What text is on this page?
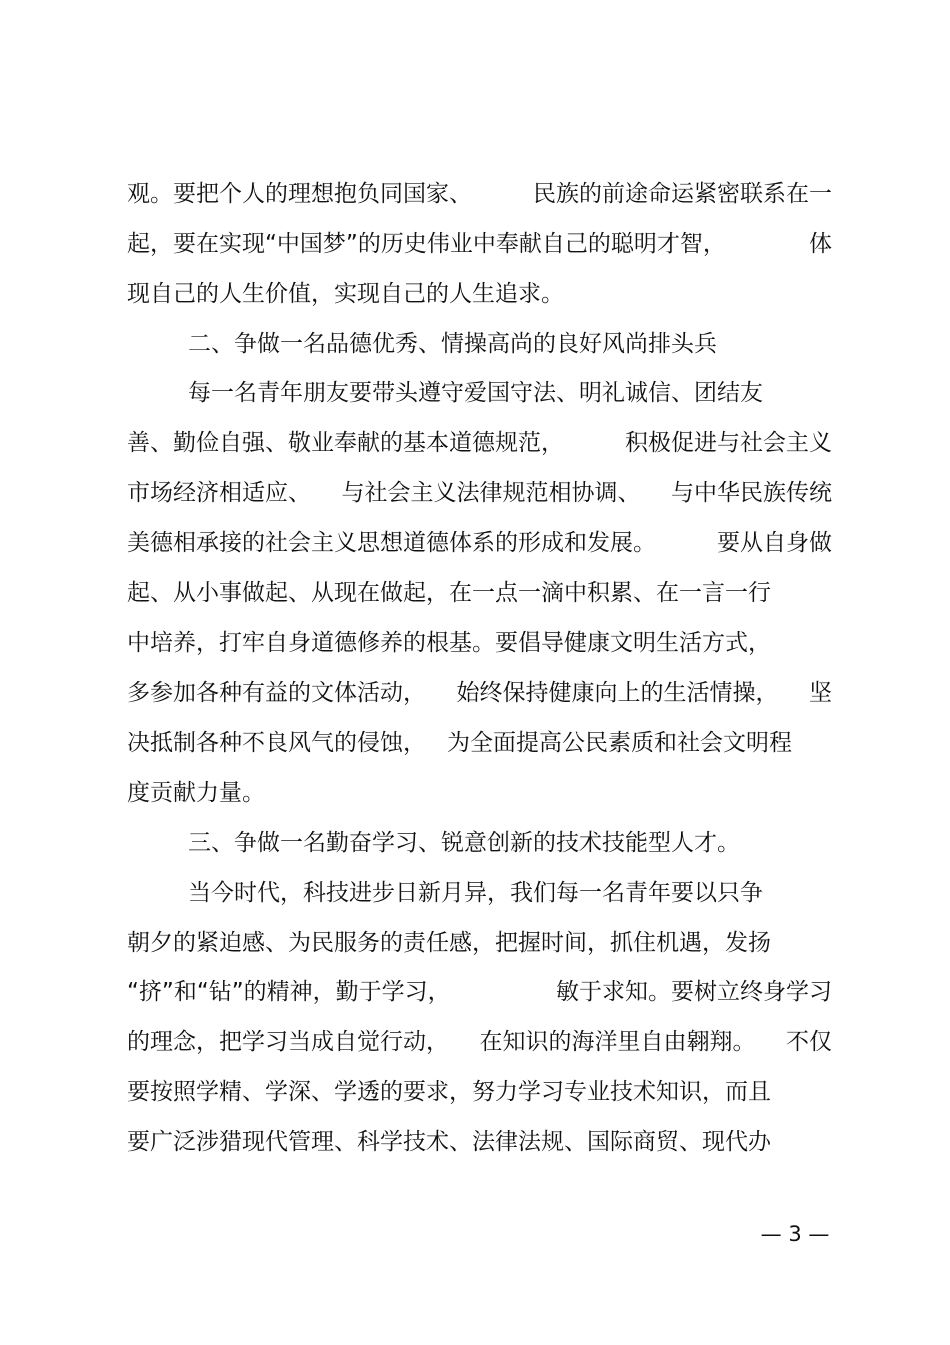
观。要把个人的理想抱负同国家、	民族的前途命运紧密联系在一
起，要在实现“中国梦”的历史伟业中奉献自己的聪明才智，	体
现自己的人生价值，实现自己的人生追求。
二、争做一名品德优秀、情操高尚的良好风尚排头兵
每一名青年朋友要带头遵守爱国守法、明礼诚信、团结友
善、勤俭自强、敬业奉献的基本道德规范，	积极促进与社会主义
市场经济相适应、 与社会主义法律规范相协调、 与中华民族传统
美德相承接的社会主义思想道德体系的形成和发展。	要从自身做
起、从小事做起、从现在做起，在一点一滴中积累、在一言一行
中培养，打牢自身道德修养的根基。要倡导健康文明生活方式，
多参加各种有益的文体活动， 始终保持健康向上的生活情操， 坚
决抵制各种不良风气的侵蚀， 为全面提高公民素质和社会文明程
度贡献力量。
三、争做一名勤奋学习、锐意创新的技术技能型人才。
当今时代，科技进步日新月异，我们每一名青年要以只争
朝夕的紧迫感、为民服务的责任感，把握时间，抓住机遇，发扬
“挤”和“钻”的精神，勤于学习，	敏于求知。要树立终身学习
的理念，把学习当成自觉行动， 在知识的海洋里自由翱翔。 不仅
要按照学精、学深、学透的要求，努力学习专业技术知识，而且
要广泛涉猎现代管理、科学技术、法律法规、国际商贸、现代办
— 3 —
